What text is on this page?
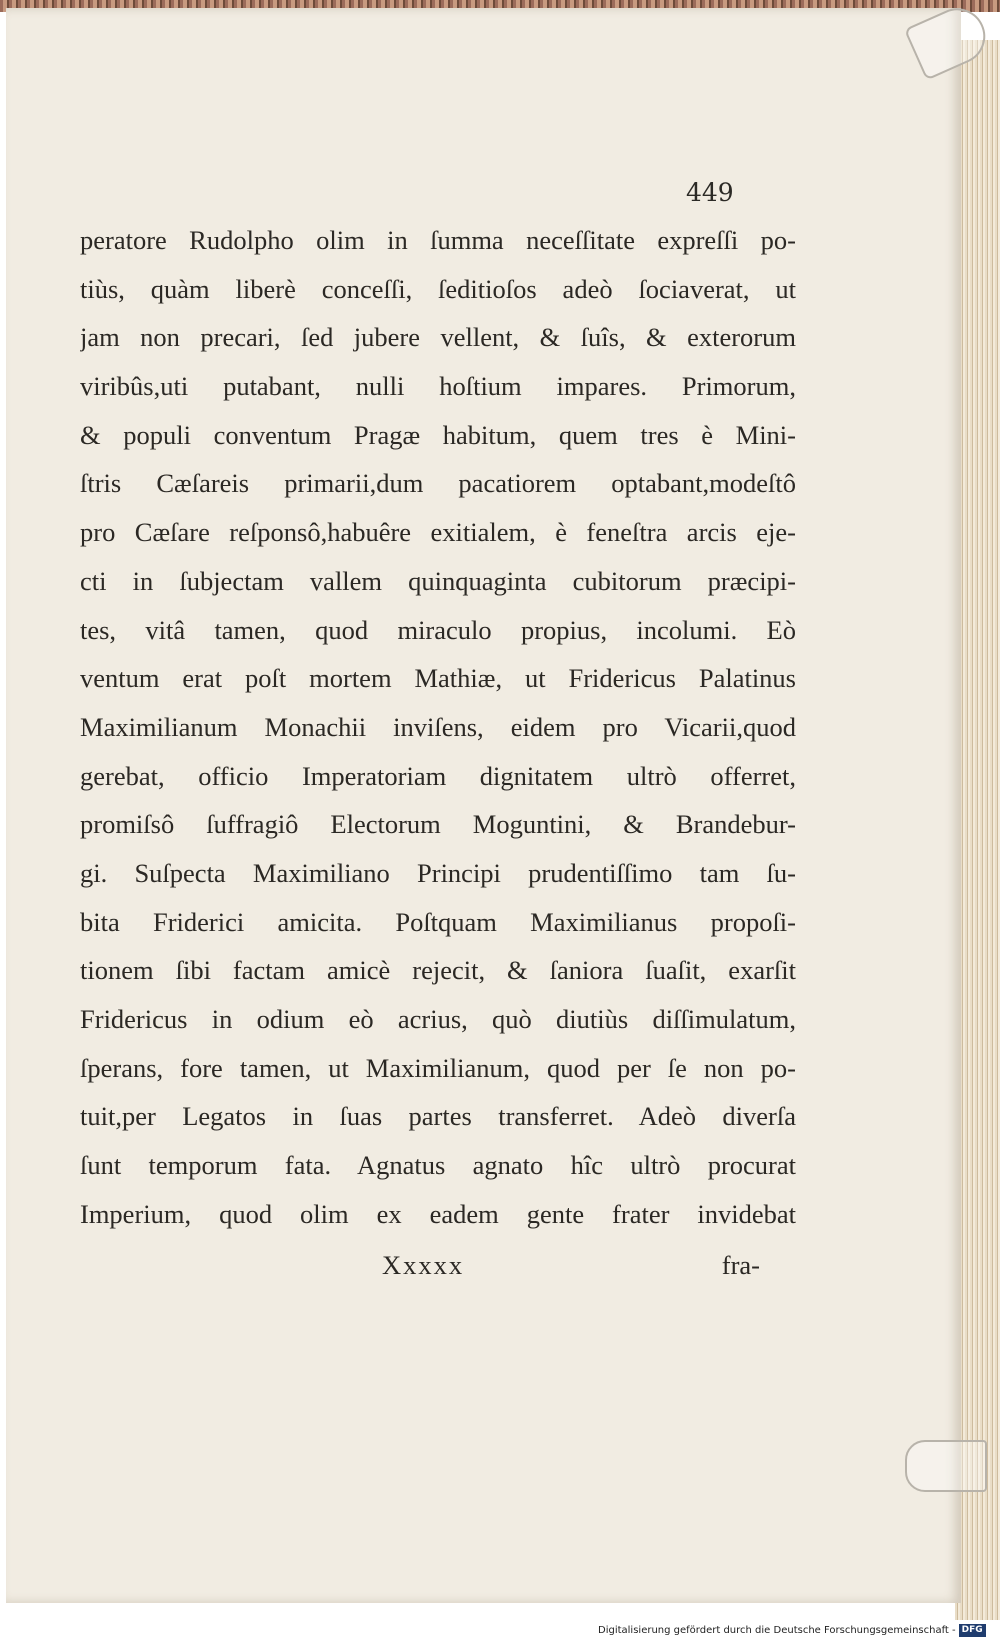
449
peratore Rudolpho olim in ſumma neceſſitate expreſſi po-
tiùs, quàm liberè conceſſi, ſeditioſos adeò ſociaverat, ut
jam non precari, ſed jubere vellent, & ſuîs, & exterorum
viribûs,uti putabant, nulli hoſtium impares. Primorum,
& populi conventum Pragæ habitum, quem tres è Mini-
ſtris Cæſareis primarii,dum pacatiorem optabant,modeſtô
pro Cæſare reſponsô,habuêre exitialem, è feneſtra arcis eje-
cti in ſubjectam vallem quinquaginta cubitorum præcipi-
tes, vitâ tamen, quod miraculo propius, incolumi. Eò
ventum erat poſt mortem Mathiæ, ut Fridericus Palatinus
Maximilianum Monachii inviſens, eidem pro Vicarii,quod
gerebat, officio Imperatoriam dignitatem ultrò offerret,
promiſsô ſuffragiô Electorum Moguntini, & Brandebur-
gi. Suſpecta Maximiliano Principi prudentiſſimo tam ſu-
bita Friderici amicita. Poſtquam Maximilianus propoſi-
tionem ſibi factam amicè rejecit, & ſaniora ſuaſit, exarſit
Fridericus in odium eò acrius, quò diutiùs diſſimulatum,
ſperans, fore tamen, ut Maximilianum, quod per ſe non po-
tuit,per Legatos in ſuas partes transferret. Adeò diverſa
ſunt temporum fata. Agnatus agnato hîc ultrò procurat
Imperium, quod olim ex eadem gente frater invidebat
Xxxxx	fra-
Digitalisierung gefördert durch die Deutsche Forschungsgemeinschaft - DFG
